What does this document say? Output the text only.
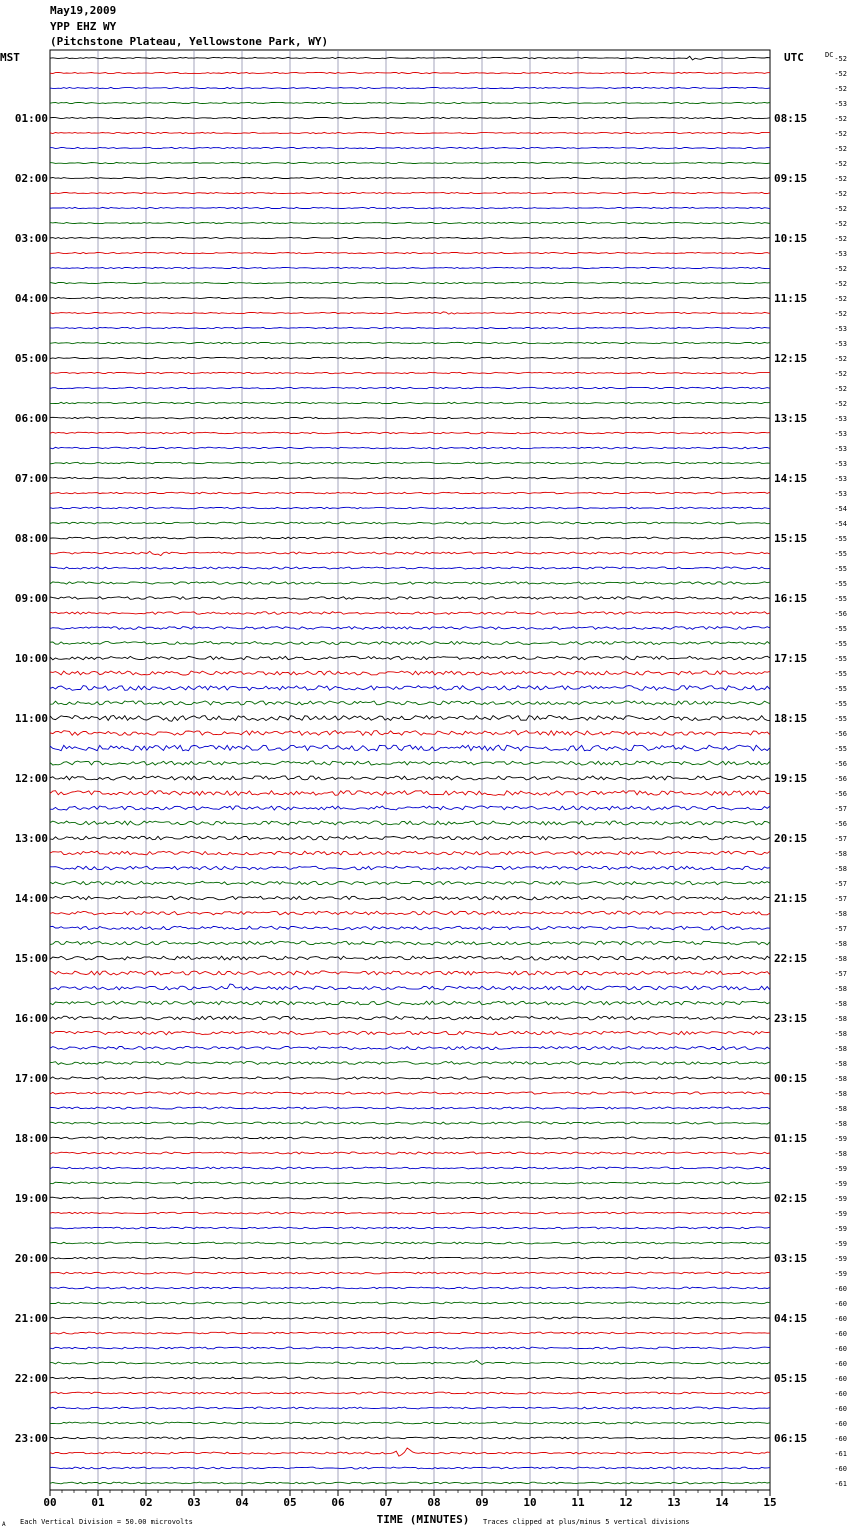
May19,2009
YPP EHZ WY
(Pitchstone Plateau, Yellowstone Park, WY)
MST	UTC	DC
TIME (MINUTES)
Each Vertical Division = 50.00 microvolts	Traces clipped at plus/minus 5 vertical divisions
A
00	01	02	03	04	05	06	07	08	09	10	11	12	13	14	15
-52
-52
-52
-53
-52
01:00	08:15
-52
-52
-52
-52
02:00	09:15
-52
-52
-52
-52
03:00	10:15
-53
-52
-52
-52
04:00	11:15
-52
-53
-53
-52
05:00	12:15
-52
-52
-52
-53
06:00	13:15
-53
-53
-53
-53
07:00	14:15
-53
-54
-54
-55
08:00	15:15
-55
-55
-55
-55
09:00	16:15
-56
-55
-55
-55
10:00	17:15
-55
-55
-55
-55
11:00	18:15
-56
-55
-56
-56
12:00	19:15
-56
-57
-56
-57
13:00	20:15
-58
-58
-57
-57
14:00	21:15
-58
-57
-58
-58
15:00	22:15
-57
-58
-58
-58
16:00	23:15
-58
-58
-58
-58
17:00	00:15
-58
-58
-58
-59
18:00	01:15
-58
-59
-59
-59
19:00	02:15
-59
-59
-59
-59
20:00	03:15
-59
-60
-60
-60
21:00	04:15
-60
-60
-60
-60
22:00	05:15
-60
-60
-60
-60
23:00	06:15
-61
-60
-61
